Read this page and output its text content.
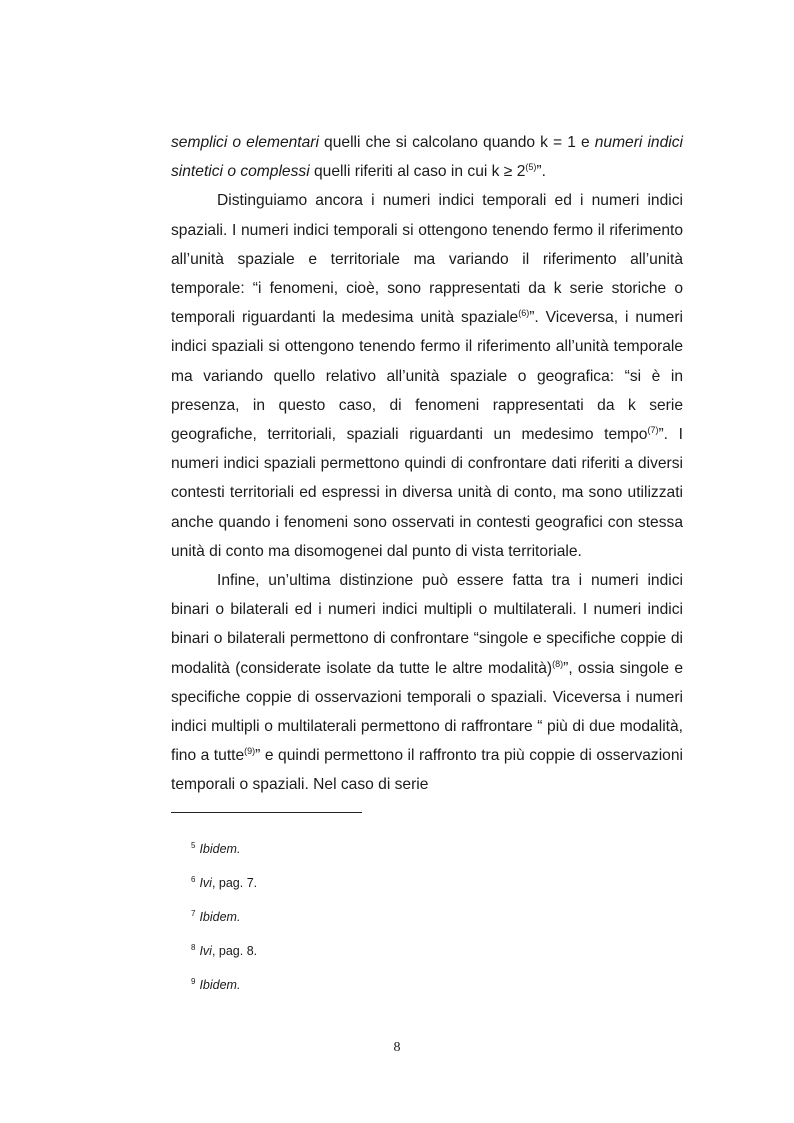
semplici o elementari quelli che si calcolano quando k = 1 e numeri indici sintetici o complessi quelli riferiti al caso in cui $k \ge 2^{(5)}$”.

Distinguiamo ancora i numeri indici temporali ed i numeri indici spaziali. I numeri indici temporali si ottengono tenendo fermo il riferimento all’unità spaziale e territoriale ma variando il riferimento all’unità temporale: “i fenomeni, cioè, sono rappresentati da k serie storiche o temporali riguardanti la medesima unità spaziale$^{(6)}$”. Viceversa, i numeri indici spaziali si ottengono tenendo fermo il riferimento all’unità temporale ma variando quello relativo all’unità spaziale o geografica: “si è in presenza, in questo caso, di fenomeni rappresentati da k serie geografiche, territoriali, spaziali riguardanti un medesimo tempo$^{(7)}$”. I numeri indici spaziali permettono quindi di confrontare dati riferiti a diversi contesti territoriali ed espressi in diversa unità di conto, ma sono utilizzati anche quando i fenomeni sono osservati in contesti geografici con stessa unità di conto ma disomogenei dal punto di vista territoriale.

Infine, un’ultima distinzione può essere fatta tra i numeri indici binari o bilaterali ed i numeri indici multipli o multilaterali. I numeri indici binari o bilaterali permettono di confrontare “singole e specifiche coppie di modalità (considerate isolate da tutte le altre modalità)$^{(8)}$”, ossia singole e specifiche coppie di osservazioni temporali o spaziali. Viceversa i numeri indici multipli o multilaterali permettono di raffrontare “ più di due modalità, fino a tutte$^{(9)}$” e quindi permettono il raffronto tra più coppie di osservazioni temporali o spaziali. Nel caso di serie

$^5$ Ibidem.
$^6$ Ivi, pag. 7.
$^7$ Ibidem.
$^8$ Ivi, pag. 8.
$^9$ Ibidem.
8
